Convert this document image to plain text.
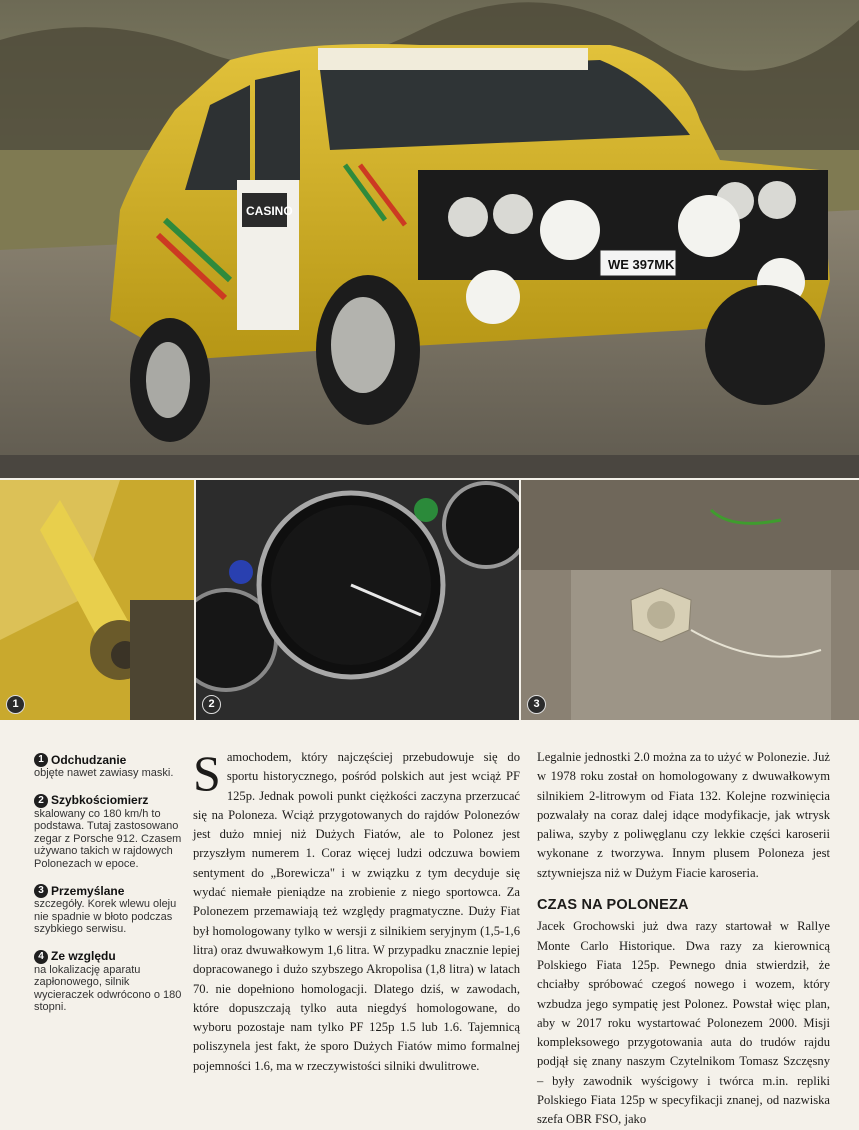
WE 397MK
CASINO
1	2	3
1 Odchudzanie
objęte nawet zawiasy maski.
2 Szybkościomierz
skalowany co 180 km/h to podstawa. Tutaj zastosowano zegar z Porsche 912. Czasem używano takich w rajdowych Polonezach w epoce.
3 Przemyślane
szczegóły. Korek wlewu oleju nie spadnie w błoto podczas szybkiego serwisu.
4 Ze względu
na lokalizację aparatu zapłonowego, silnik wycieraczek odwrócono o 180 stopni.

Samochodem, który najczęściej przebudowuje się do sportu historycznego, pośród polskich aut jest wciąż PF 125p. Jednak powoli punkt ciężkości zaczyna przerzucać się na Poloneza. Wciąż przygotowanych do rajdów Polonezów jest dużo mniej niż Dużych Fiatów, ale to Polonez jest przyszłym numerem 1. Coraz więcej ludzi odczuwa bowiem sentyment do „Borewicza" i w związku z tym decyduje się wydać niemałe pieniądze na zrobienie z niego sportowca. Za Polonezem przemawiają też względy pragmatyczne. Duży Fiat był homologowany tylko w wersji z silnikiem seryjnym (1,5-1,6 litra) oraz dwuwałkowym 1,6 litra. W przypadku znacznie lepiej dopracowanego i dużo szybszego Akropolisa (1,8 litra) w latach 70. nie dopełniono homologacji. Dlatego dziś, w zawodach, które dopuszczają tylko auta niegdyś homologowane, do wyboru pozostaje nam tylko PF 125p 1.5 lub 1.6. Tajemnicą poliszynela jest fakt, że sporo Dużych Fiatów mimo formalnej pojemności 1.6, ma w rzeczywistości silniki dwulitrowe.

Legalnie jednostki 2.0 można za to użyć w Polonezie. Już w 1978 roku został on homologowany z dwuwałkowym silnikiem 2-litrowym od Fiata 132. Kolejne rozwinięcia pozwalały na coraz dalej idące modyfikacje, jak wtrysk paliwa, szyby z poliwęglanu czy lekkie części karoserii wykonane z tworzywa. Innym plusem Poloneza jest sztywniejsza niż w Dużym Fiacie karoseria.

CZAS NA POLONEZA

Jacek Grochowski już dwa razy startował w Rallye Monte Carlo Historique. Dwa razy za kierownicą Polskiego Fiata 125p. Pewnego dnia stwierdził, że chciałby spróbować czegoś nowego i wozem, który wzbudza jego sympatię jest Polonez. Powstał więc plan, aby w 2017 roku wystartować Polonezem 2000. Misji kompleksowego przygotowania auta do trudów rajdu podjął się znany naszym Czytelnikom Tomasz Szczęsny – były zawodnik wyścigowy i twórca m.in. repliki Polskiego Fiata 125p w specyfikacji znanej, od nazwiska szefa OBR FSO, jako
